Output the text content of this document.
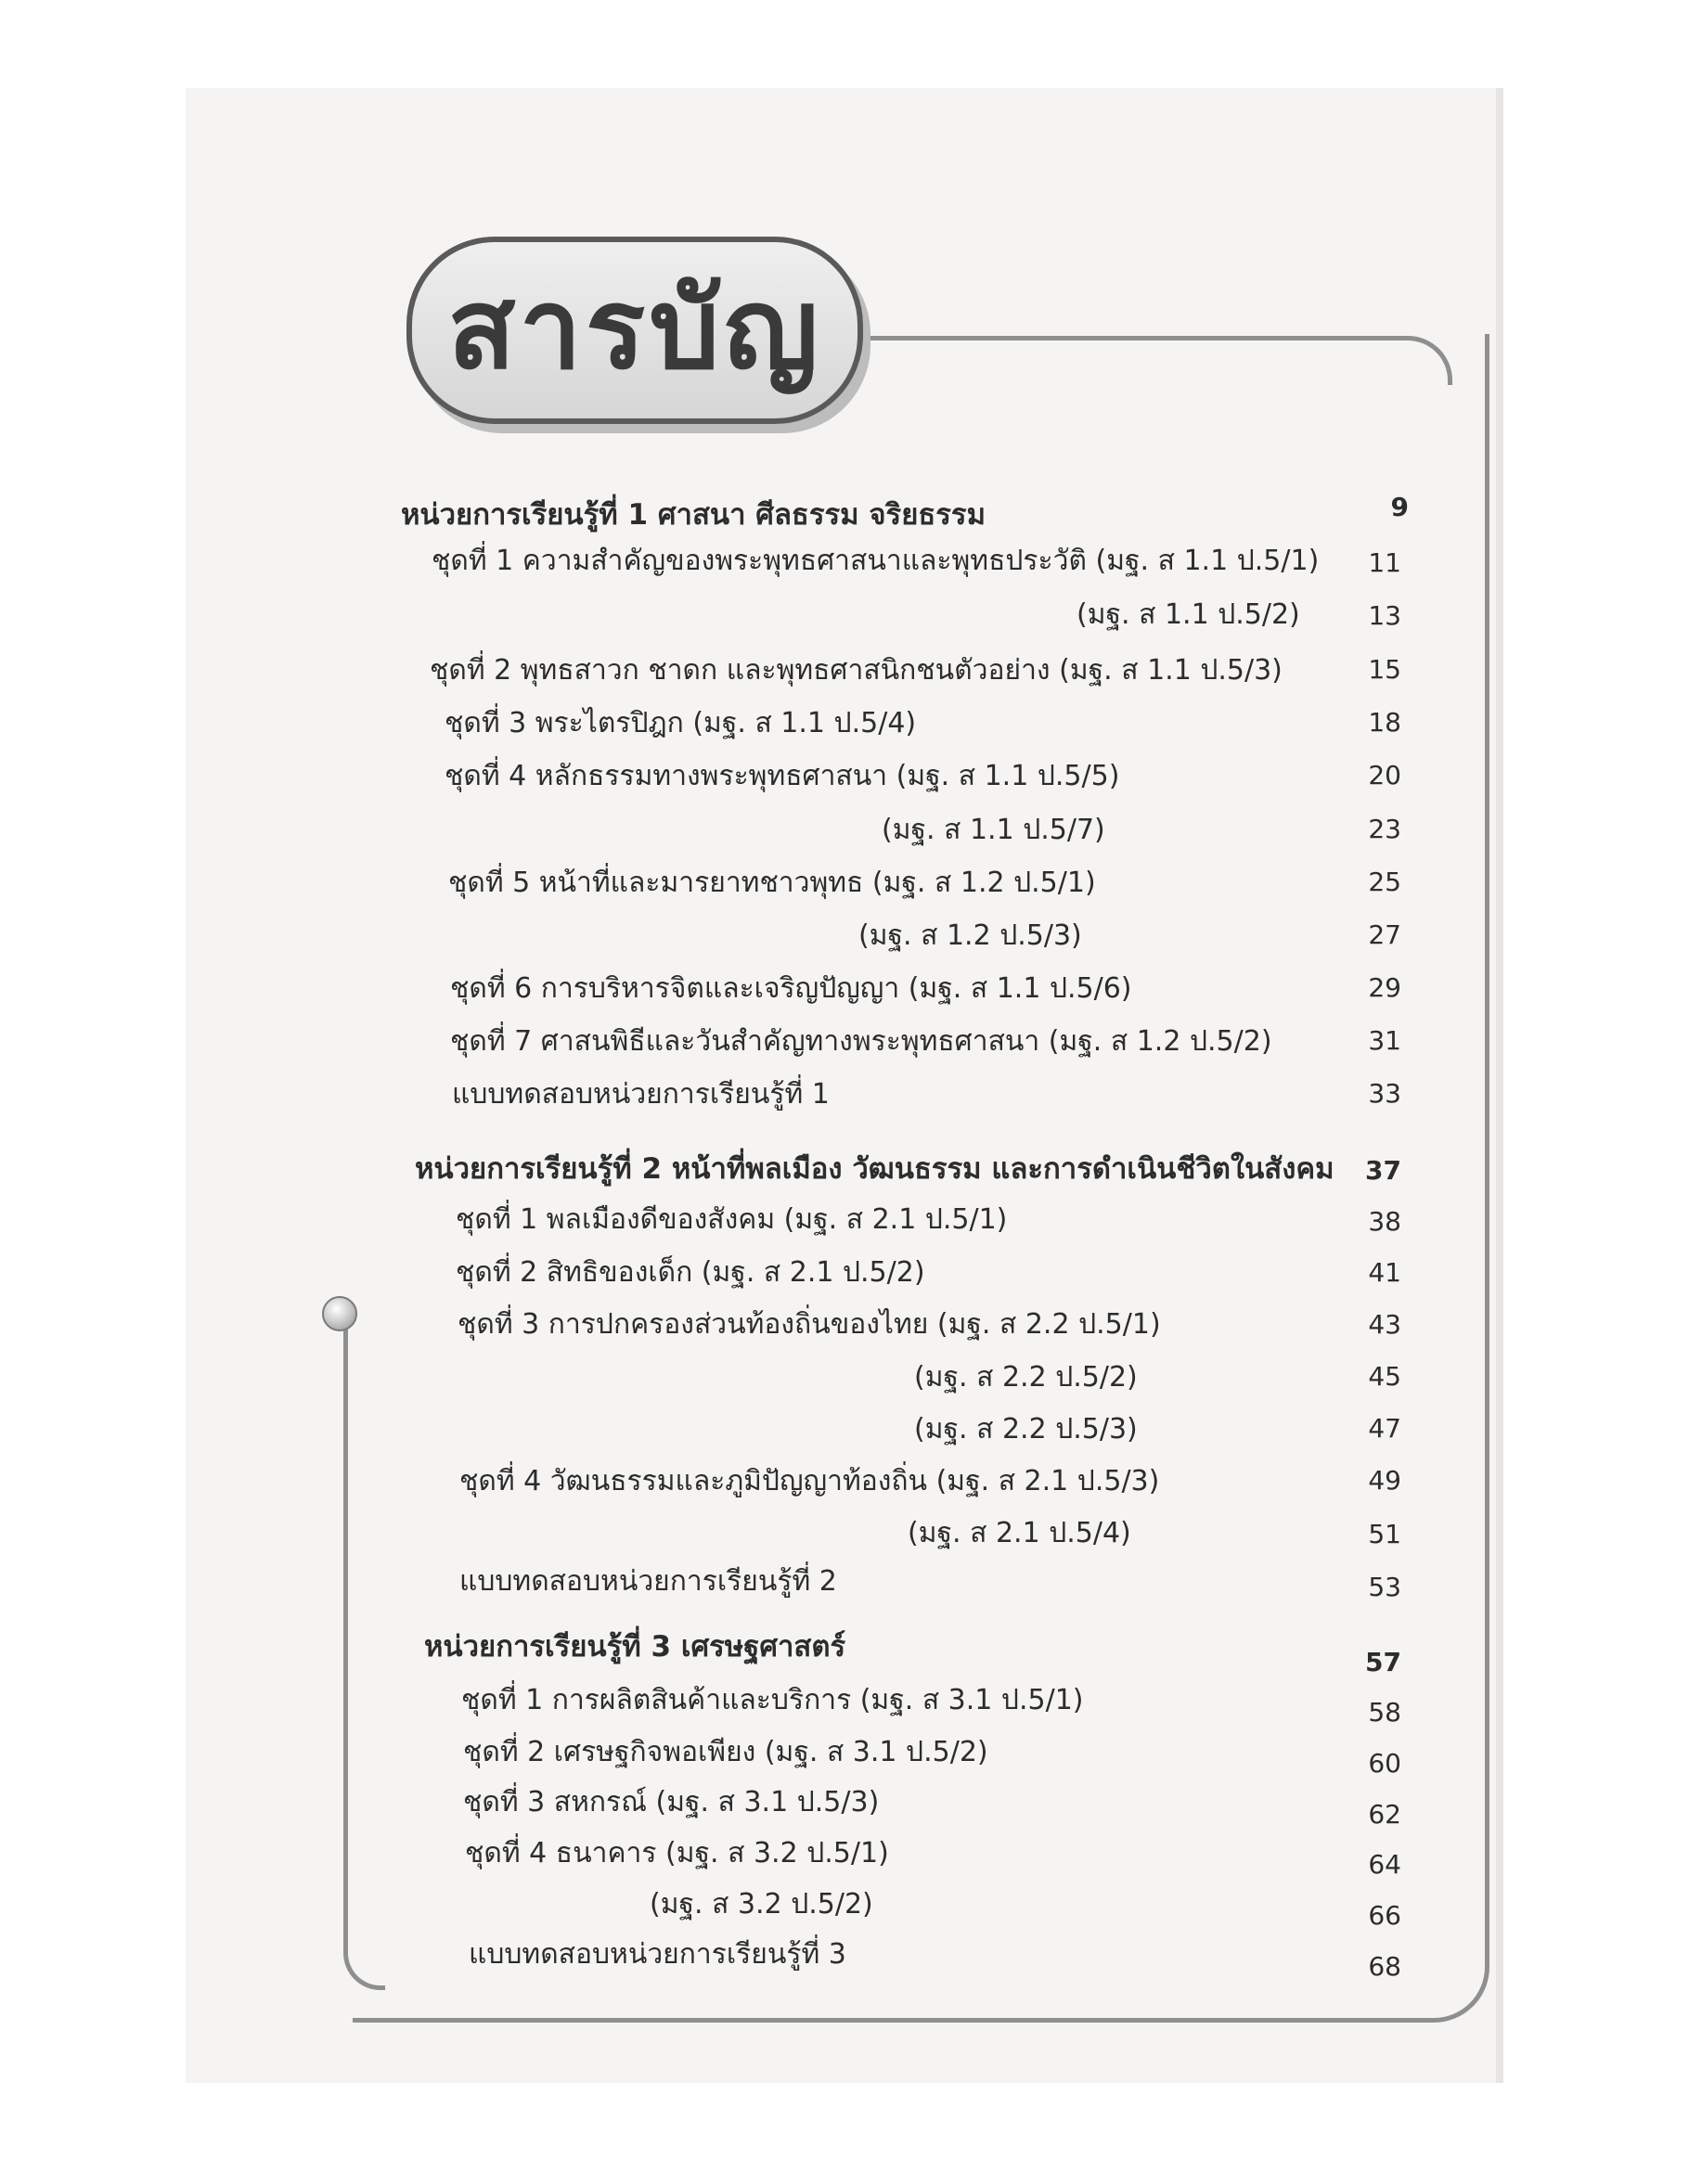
สารบัญ
หน่วยการเรียนรู้ที่ 1 ศาสนา ศีลธรรม จริยธรรม	9
ชุดที่ 1 ความสำคัญของพระพุทธศาสนาและพุทธประวัติ (มฐ. ส 1.1 ป.5/1)	11
(มฐ. ส 1.1 ป.5/2)	13
ชุดที่ 2 พุทธสาวก ชาดก และพุทธศาสนิกชนตัวอย่าง (มฐ. ส 1.1 ป.5/3)	15
ชุดที่ 3 พระไตรปิฎก (มฐ. ส 1.1 ป.5/4)	18
ชุดที่ 4 หลักธรรมทางพระพุทธศาสนา (มฐ. ส 1.1 ป.5/5)	20
(มฐ. ส 1.1 ป.5/7)	23
ชุดที่ 5 หน้าที่และมารยาทชาวพุทธ (มฐ. ส 1.2 ป.5/1)	25
(มฐ. ส 1.2 ป.5/3)	27
ชุดที่ 6 การบริหารจิตและเจริญปัญญา (มฐ. ส 1.1 ป.5/6)	29
ชุดที่ 7 ศาสนพิธีและวันสำคัญทางพระพุทธศาสนา (มฐ. ส 1.2 ป.5/2)	31
แบบทดสอบหน่วยการเรียนรู้ที่ 1	33
หน่วยการเรียนรู้ที่ 2 หน้าที่พลเมือง วัฒนธรรม และการดำเนินชีวิตในสังคม	37
ชุดที่ 1 พลเมืองดีของสังคม (มฐ. ส 2.1 ป.5/1)	38
ชุดที่ 2 สิทธิของเด็ก (มฐ. ส 2.1 ป.5/2)	41
ชุดที่ 3 การปกครองส่วนท้องถิ่นของไทย (มฐ. ส 2.2 ป.5/1)	43
(มฐ. ส 2.2 ป.5/2)	45
(มฐ. ส 2.2 ป.5/3)	47
ชุดที่ 4 วัฒนธรรมและภูมิปัญญาท้องถิ่น (มฐ. ส 2.1 ป.5/3)	49
(มฐ. ส 2.1 ป.5/4)	51
แบบทดสอบหน่วยการเรียนรู้ที่ 2	53
หน่วยการเรียนรู้ที่ 3 เศรษฐศาสตร์	57
ชุดที่ 1 การผลิตสินค้าและบริการ (มฐ. ส 3.1 ป.5/1)	58
ชุดที่ 2 เศรษฐกิจพอเพียง (มฐ. ส 3.1 ป.5/2)	60
ชุดที่ 3 สหกรณ์ (มฐ. ส 3.1 ป.5/3)	62
ชุดที่ 4 ธนาคาร (มฐ. ส 3.2 ป.5/1)	64
(มฐ. ส 3.2 ป.5/2)	66
แบบทดสอบหน่วยการเรียนรู้ที่ 3	68
